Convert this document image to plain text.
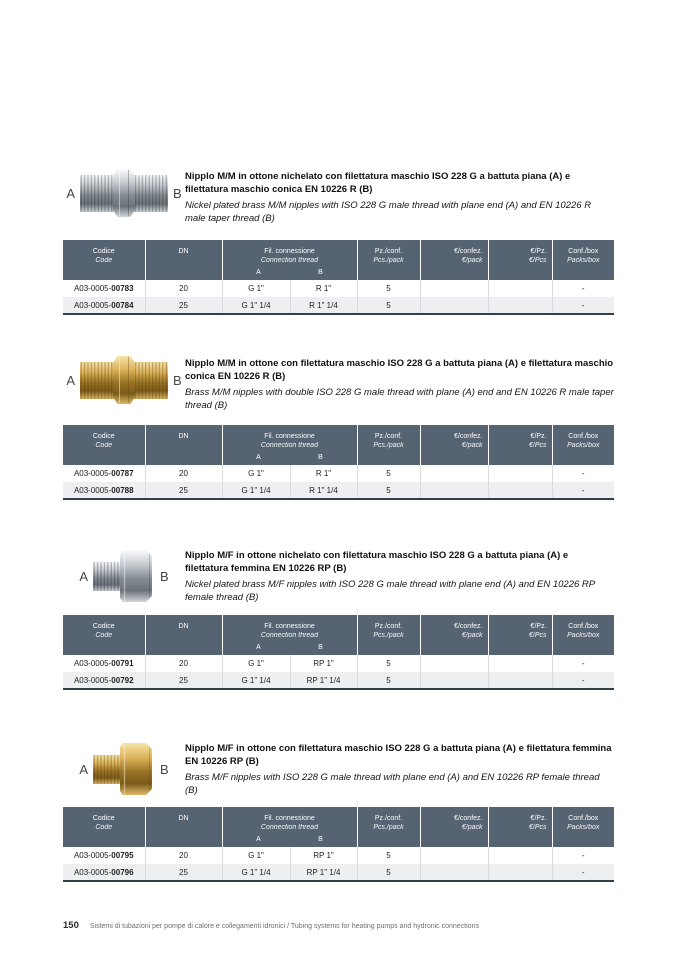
A	B
Nipplo M/M in ottone nichelato con filettatura maschio ISO 228 G a battuta piana (A) e filettatura maschio conica EN 10226 R (B)

Nickel plated brass M/M nipples with ISO 228 G male thread with plane end (A) and EN 10226 R male taper thread (B)

Codice
Code

DN	Fil. connessione
Connection thread
A	B

Pz./conf.
Pcs./pack

€/confez.
€/pack

€/Pz.
€/Pcs

Conf./box
Packs/box

A03-0005-00783	20	G 1"	R 1"	5			-
A03-0005-00784	25	G 1" 1/4	R 1" 1/4	5			-
A	B
Nipplo M/M in ottone con filettatura maschio ISO 228 G a battuta piana (A) e filettatura maschio conica EN 10226 R (B)

Brass M/M nipples with double ISO 228 G male thread with plane (A) end and EN 10226 R male taper thread (B)

Codice
Code

DN	Fil. connessione
Connection thread
A	B

Pz./conf.
Pcs./pack

€/confez.
€/pack

€/Pz.
€/Pcs

Conf./box
Packs/box

A03-0005-00787	20	G 1"	R 1"	5			-
A03-0005-00788	25	G 1" 1/4	R 1" 1/4	5			-
A	B
Nipplo M/F in ottone nichelato con filettatura maschio ISO 228 G a battuta piana (A) e filettatura femmina EN 10226 RP (B)

Nickel plated brass M/F nipples with ISO 228 G male thread with plane end (A) and EN 10226 RP female thread (B)

Codice
Code

DN	Fil. connessione
Connection thread
A	B

Pz./conf.
Pcs./pack

€/confez.
€/pack

€/Pz.
€/Pcs

Conf./box
Packs/box

A03-0005-00791	20	G 1"	RP 1"	5			-
A03-0005-00792	25	G 1" 1/4	RP 1" 1/4	5			-
A	B
Nipplo M/F in ottone con filettatura maschio ISO 228 G a battuta piana (A) e filettatura femmina EN 10226 RP (B)

Brass M/F nipples with ISO 228 G male thread with plane end (A) and EN 10226 RP female thread (B)

Codice
Code

DN	Fil. connessione
Connection thread
A	B

Pz./conf.
Pcs./pack

€/confez.
€/pack

€/Pz.
€/Pcs

Conf./box
Packs/box

A03-0005-00795	20	G 1"	RP 1"	5			-
A03-0005-00796	25	G 1" 1/4	RP 1" 1/4	5			-
150 Sistemi di tubazioni per pompe di calore e collegamenti idronici / Tubing systems for heating pumps and hydronic connections
